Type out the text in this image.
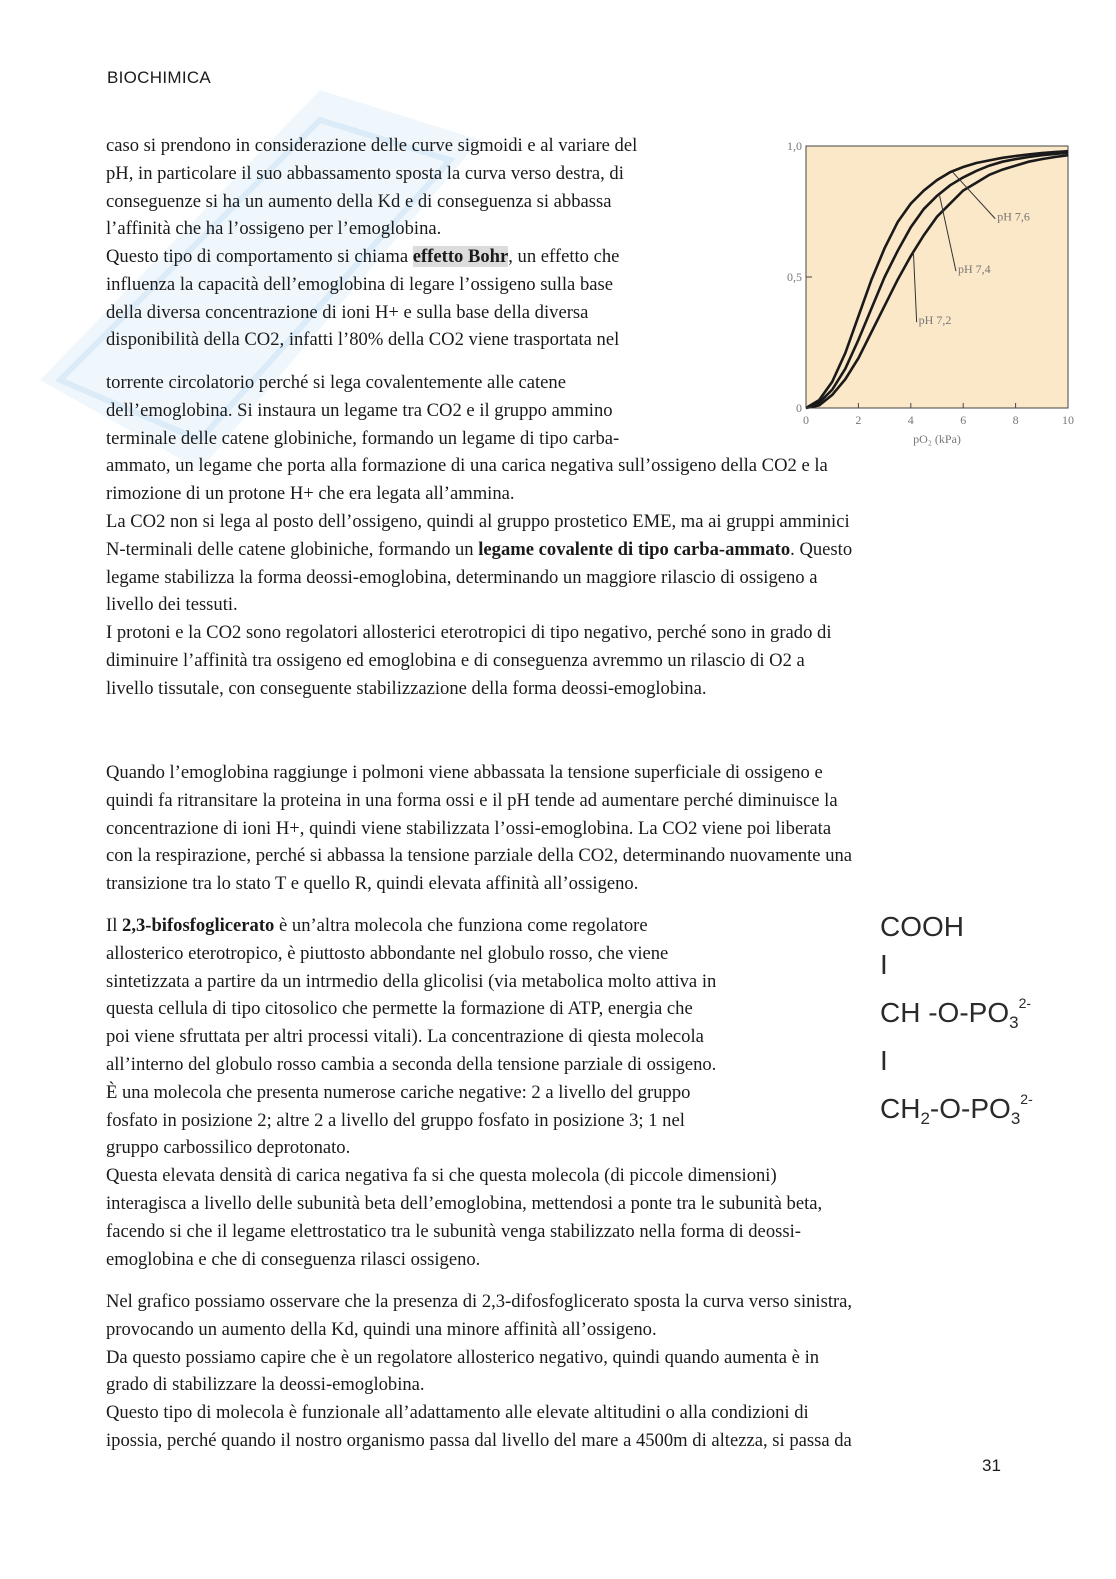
BIOCHIMICA
caso si prendono in considerazione delle curve sigmoidi e al variare del
pH, in particolare il suo abbassamento sposta la curva verso destra, di
conseguenze si ha un aumento della Kd e di conseguenza si abbassa
l’affinità che ha l’ossigeno per l’emoglobina.
Questo tipo di comportamento si chiama effetto Bohr, un effetto che
influenza la capacità dell’emoglobina di legare l’ossigeno sulla base
della diversa concentrazione di ioni H+ e sulla base della diversa
disponibilità della CO2, infatti l’80% della CO2 viene trasportata nel
torrente circolatorio perché si lega covalentemente alle catene
dell’emoglobina. Si instaura un legame tra CO2 e il gruppo ammino
terminale delle catene globiniche, formando un legame di tipo carba-
ammato, un legame che porta alla formazione di una carica negativa sull’ossigeno della CO2 e la
rimozione di un protone H+ che era legata all’ammina.
La CO2 non si lega al posto dell’ossigeno, quindi al gruppo prostetico EME, ma ai gruppi amminici
N-terminali delle catene globiniche, formando un legame covalente di tipo carba-ammato. Questo
legame stabilizza la forma deossi-emoglobina, determinando un maggiore rilascio di ossigeno a
livello dei tessuti.
I protoni e la CO2 sono regolatori allosterici eterotropici di tipo negativo, perché sono in grado di
diminuire l’affinità tra ossigeno ed emoglobina e di conseguenza avremmo un rilascio di O2 a
livello tissutale, con conseguente stabilizzazione della forma deossi-emoglobina.
Quando l’emoglobina raggiunge i polmoni viene abbassata la tensione superficiale di ossigeno e
quindi fa ritransitare la proteina in una forma ossi e il pH tende ad aumentare perché diminuisce la
concentrazione di ioni H+, quindi viene stabilizzata l’ossi-emoglobina. La CO2 viene poi liberata
con la respirazione, perché si abbassa la tensione parziale della CO2, determinando nuovamente una
transizione tra lo stato T e quello R, quindi elevata affinità all’ossigeno.
Il 2,3-bifosfoglicerato è un’altra molecola che funziona come regolatore
allosterico eterotropico, è piuttosto abbondante nel globulo rosso, che viene
sintetizzata a partire da un intrmedio della glicolisi (via metabolica molto attiva in
questa cellula di tipo citosolico che permette la formazione di ATP, energia che
poi viene sfruttata per altri processi vitali). La concentrazione di qiesta molecola
all’interno del globulo rosso cambia a seconda della tensione parziale di ossigeno.
È una molecola che presenta numerose cariche negative: 2 a livello del gruppo
fosfato in posizione 2; altre 2 a livello del gruppo fosfato in posizione 3; 1 nel
gruppo carbossilico deprotonato.
Questa elevata densità di carica negativa fa si che questa molecola (di piccole dimensioni)
interagisca a livello delle subunità beta dell’emoglobina, mettendosi a ponte tra le subunità beta,
facendo si che il legame elettrostatico tra le subunità venga stabilizzato nella forma di deossi-
emoglobina e che di conseguenza rilasci ossigeno.
Nel grafico possiamo osservare che la presenza di 2,3-difosfoglicerato sposta la curva verso sinistra,
provocando un aumento della Kd, quindi una minore affinità all’ossigeno.
Da questo possiamo capire che è un regolatore allosterico negativo, quindi quando aumenta è in
grado di stabilizzare la deossi-emoglobina.
Questo tipo di molecola è funzionale all’adattamento alle elevate altitudini o alla condizioni di
ipossia, perché quando il nostro organismo passa dal livello del mare a 4500m di altezza, si passa da
COOH
I
CH $-O-PO_3^{2-}$
I
$CH_2-O-PO_3^{2-}$
0	2	4	6	8	10
0
0,5
1,0
pH 7,6
pH 7,4
pH 7,2
pO₂ (kPa)
31
